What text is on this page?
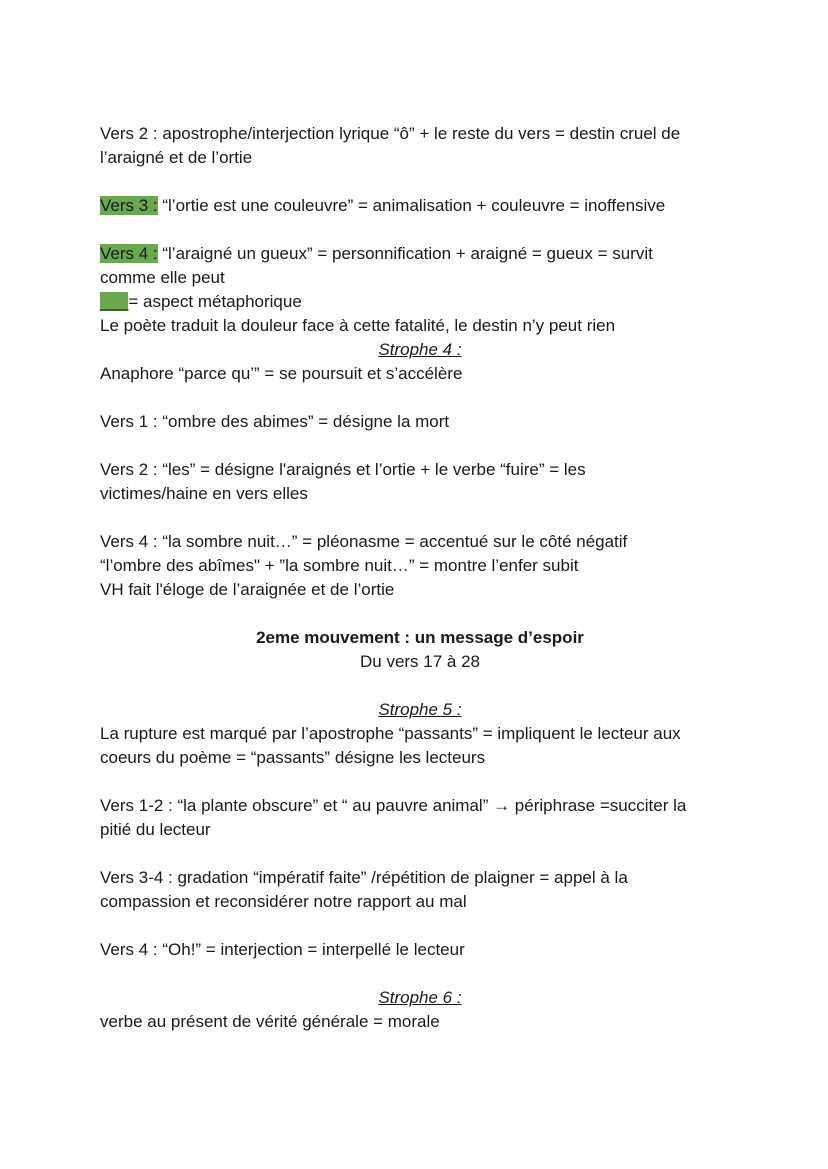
Vers 2 : apostrophe/interjection lyrique “ô” + le reste du vers = destin cruel de
l’araigné et de l’ortie
Vers 3 : “l’ortie est une couleuvre” = animalisation + couleuvre = inoffensive
Vers 4 : “l’araigné un gueux” = personnification + araigné = gueux = survit
comme elle peut
___= aspect métaphorique
Le poète traduit la douleur face à cette fatalité, le destin n’y peut rien
Strophe 4 :
Anaphore “parce qu’” = se poursuit et s’accélère
Vers 1 : “ombre des abimes” = désigne la mort
Vers 2 : “les” = désigne l'araignés et l’ortie + le verbe “fuire” = les
victimes/haine en vers elles
Vers 4 : “la sombre nuit…” = pléonasme = accentué sur le côté négatif
“l’ombre des abîmes" + ”la sombre nuit…” = montre l’enfer subit
VH fait l'éloge de l’araignée et de l’ortie
2eme mouvement : un message d’espoir
Du vers 17 à 28
Strophe 5 :
La rupture est marqué par l’apostrophe “passants” = impliquent le lecteur aux
coeurs du poème = “passants” désigne les lecteurs
Vers 1-2 : “la plante obscure” et “ au pauvre animal” → périphrase =succiter la
pitié du lecteur
Vers 3-4 : gradation “impératif faite” /répétition de plaigner = appel à la
compassion et reconsidérer notre rapport au mal
Vers 4 : “Oh!” = interjection = interpellé le lecteur
Strophe 6 :
verbe au présent de vérité générale = morale
